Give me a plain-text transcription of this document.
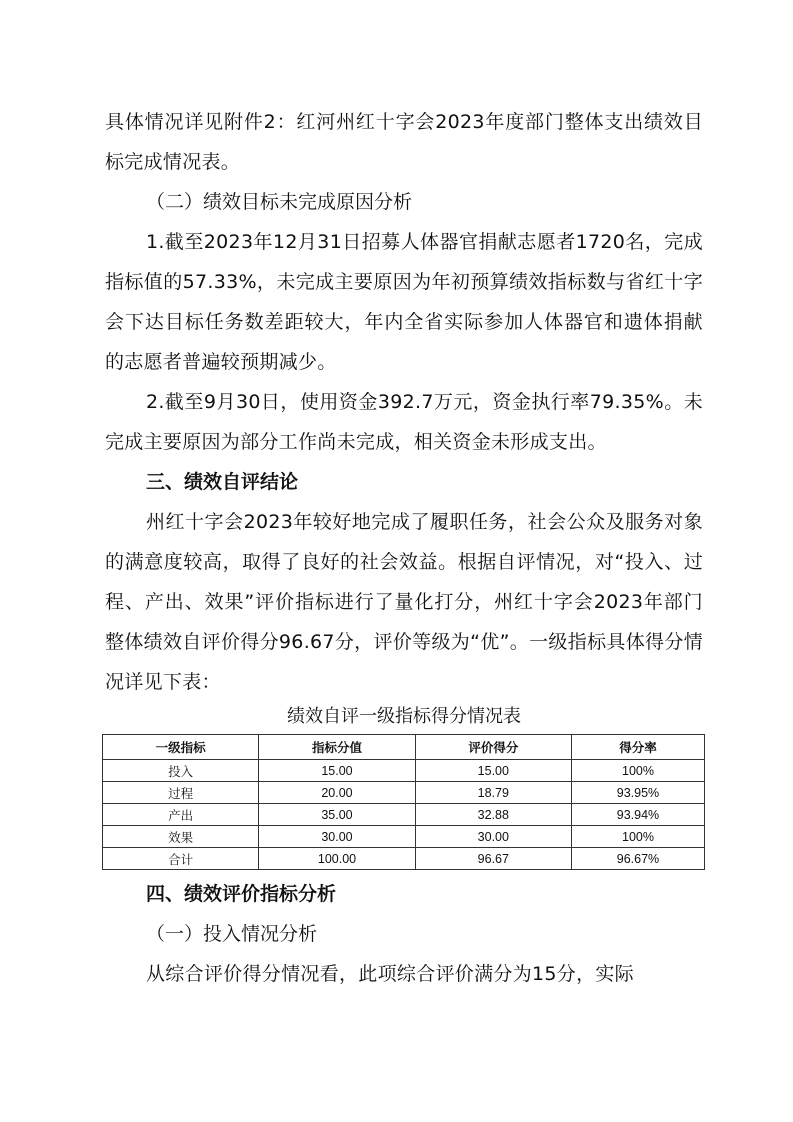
具体情况详见附件2：红河州红十字会2023年度部门整体支出绩效目标完成情况表。

（二）绩效目标未完成原因分析

1.截至2023年12月31日招募人体器官捐献志愿者1720名，完成指标值的57.33%，未完成主要原因为年初预算绩效指标数与省红十字会下达目标任务数差距较大，年内全省实际参加人体器官和遗体捐献的志愿者普遍较预期减少。

2.截至9月30日，使用资金392.7万元，资金执行率79.35%。未完成主要原因为部分工作尚未完成，相关资金未形成支出。

三、绩效自评结论

州红十字会2023年较好地完成了履职任务，社会公众及服务对象的满意度较高，取得了良好的社会效益。根据自评情况，对“投入、过程、产出、效果”评价指标进行了量化打分，州红十字会2023年部门整体绩效自评价得分96.67分，评价等级为“优”。一级指标具体得分情况详见下表：

绩效自评一级指标得分情况表
一级指标	指标分值	评价得分	得分率
投入	15.00	15.00	100%
过程	20.00	18.79	93.95%
产出	35.00	32.88	93.94%
效果	30.00	30.00	100%
合计	100.00	96.67	96.67%

四、绩效评价指标分析

（一）投入情况分析

从综合评价得分情况看，此项综合评价满分为15分，实际
